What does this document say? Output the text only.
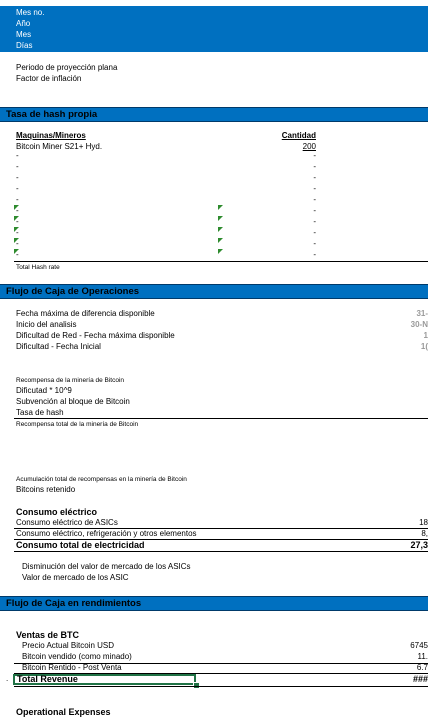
Mes no.
Año
Mes
Días
Periodo de proyección plana
Factor de inflación
Tasa de hash propia
Maquinas/Mineros	Cantidad
Bitcoin Miner S21+ Hyd.	200
-	-
-	-
-	-
-	-
-	-
-	-
-	-
-	-
-	-
-	-
Total Hash rate
Flujo de Caja de Operaciones
Fecha máxima de diferencia disponible	31-
Inicio del analisis	30-N
Dificultad de Red - Fecha máxima disponible	1
Dificultad - Fecha Inicial	1(
Recompensa de la minería de Bitcoin
Dificutad * 10^9
Subvención al bloque de Bitcoin
Tasa de hash
Recompensa total de la minería de Bitcoin
Acumulación total de recompensas en la minería de Bitcoin
Bitcoins retenido
Consumo eléctrico
Consumo eléctrico de ASICs	18
Consumo eléctrico, refrigeración y otros elementos	8,
Consumo total de electricidad	27,3
Disminución del valor de mercado de los ASICs
Valor de mercado de los ASIC
Flujo de Caja en rendimientos
Ventas de BTC
Precio Actual Bitcoin USD	6745
Bitcoin vendido (como minado)	11.
Bitcoin Rentido - Post Venta	6.7
Total Revenue	###
.
Operational Expenses
